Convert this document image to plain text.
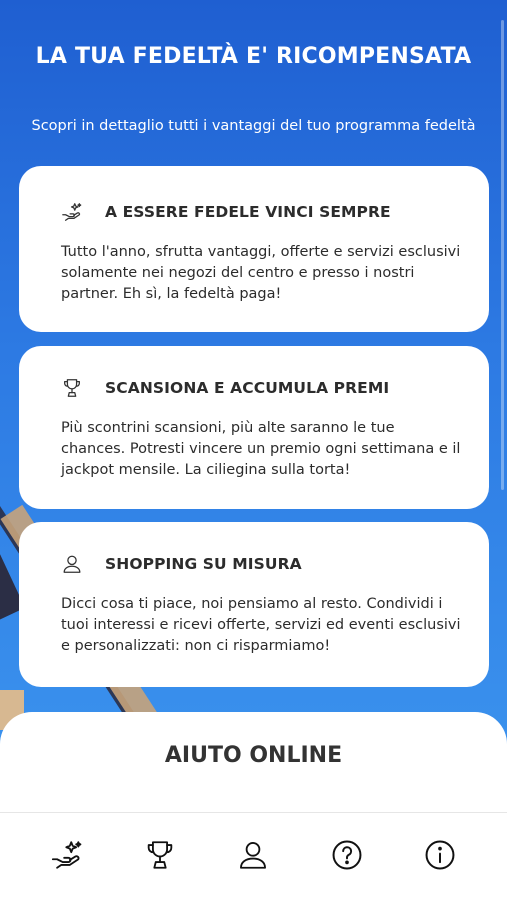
LA TUA FEDELTÀ E' RICOMPENSATA

Scopri in dettaglio tutti i vantaggi del tuo programma fedeltà

A ESSERE FEDELE VINCI SEMPRE

Tutto l'anno, sfrutta vantaggi, offerte e servizi esclusivi solamente nei negozi del centro e presso i nostri partner. Eh sì, la fedeltà paga!

SCANSIONA E ACCUMULA PREMI

Più scontrini scansioni, più alte saranno le tue chances. Potresti vincere un premio ogni settimana e il jackpot mensile. La ciliegina sulla torta!

SHOPPING SU MISURA

Dicci cosa ti piace, noi pensiamo al resto. Condividi i tuoi interessi e ricevi offerte, servizi ed eventi esclusivi e personalizzati: non ci risparmiamo!

AIUTO ONLINE
